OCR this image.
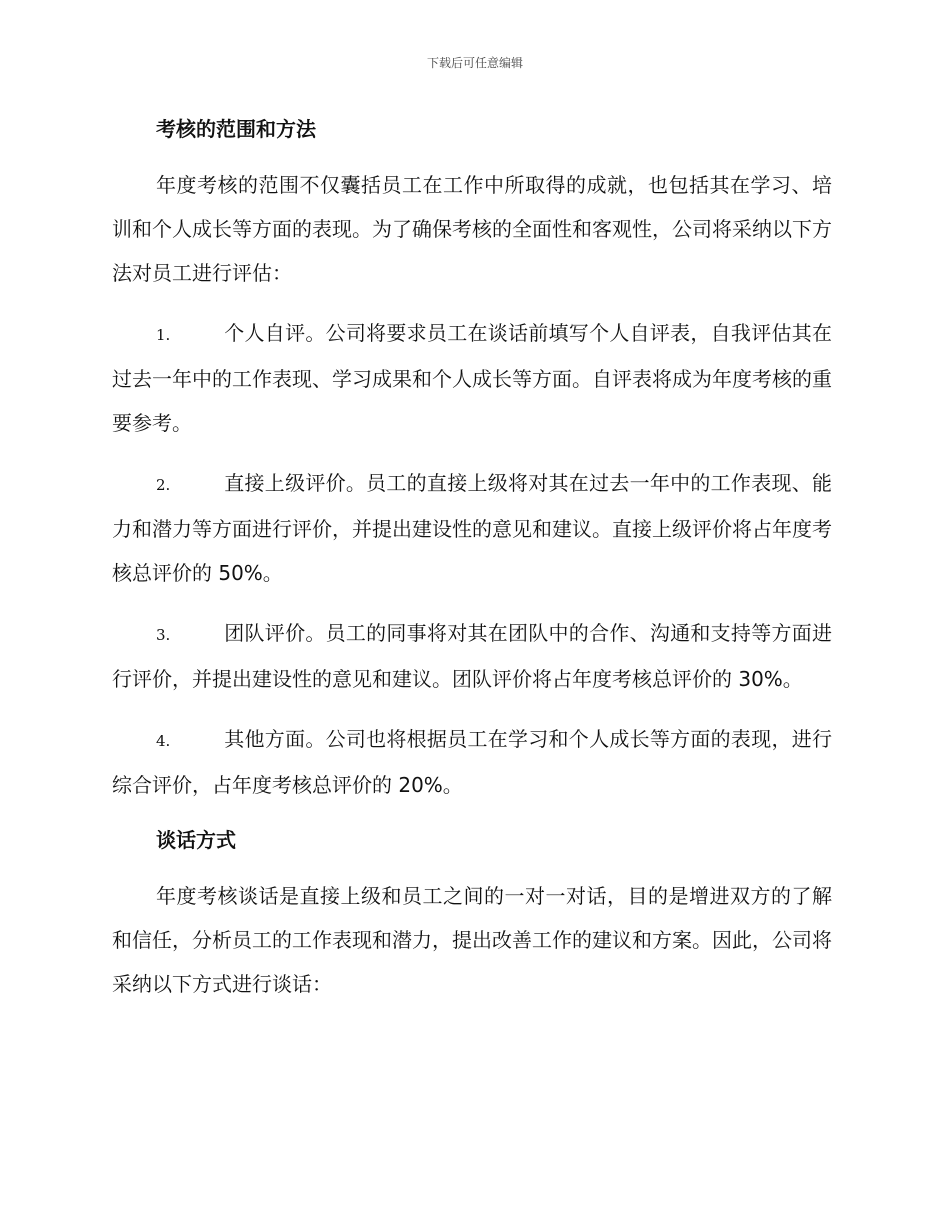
下载后可任意编辑
考核的范围和方法

年度考核的范围不仅囊括员工在工作中所取得的成就，也包括其在学习、培训和个人成长等方面的表现。为了确保考核的全面性和客观性，公司将采纳以下方法对员工进行评估：

1.	个人自评。公司将要求员工在谈话前填写个人自评表，自我评估其在过去一年中的工作表现、学习成果和个人成长等方面。自评表将成为年度考核的重要参考。
2.	直接上级评价。员工的直接上级将对其在过去一年中的工作表现、能力和潜力等方面进行评价，并提出建设性的意见和建议。直接上级评价将占年度考核总评价的 50%。
3.	团队评价。员工的同事将对其在团队中的合作、沟通和支持等方面进行评价，并提出建设性的意见和建议。团队评价将占年度考核总评价的 30%。
4.	其他方面。公司也将根据员工在学习和个人成长等方面的表现，进行综合评价，占年度考核总评价的 20%。
谈话方式

年度考核谈话是直接上级和员工之间的一对一对话，目的是增进双方的了解和信任，分析员工的工作表现和潜力，提出改善工作的建议和方案。因此，公司将采纳以下方式进行谈话：
